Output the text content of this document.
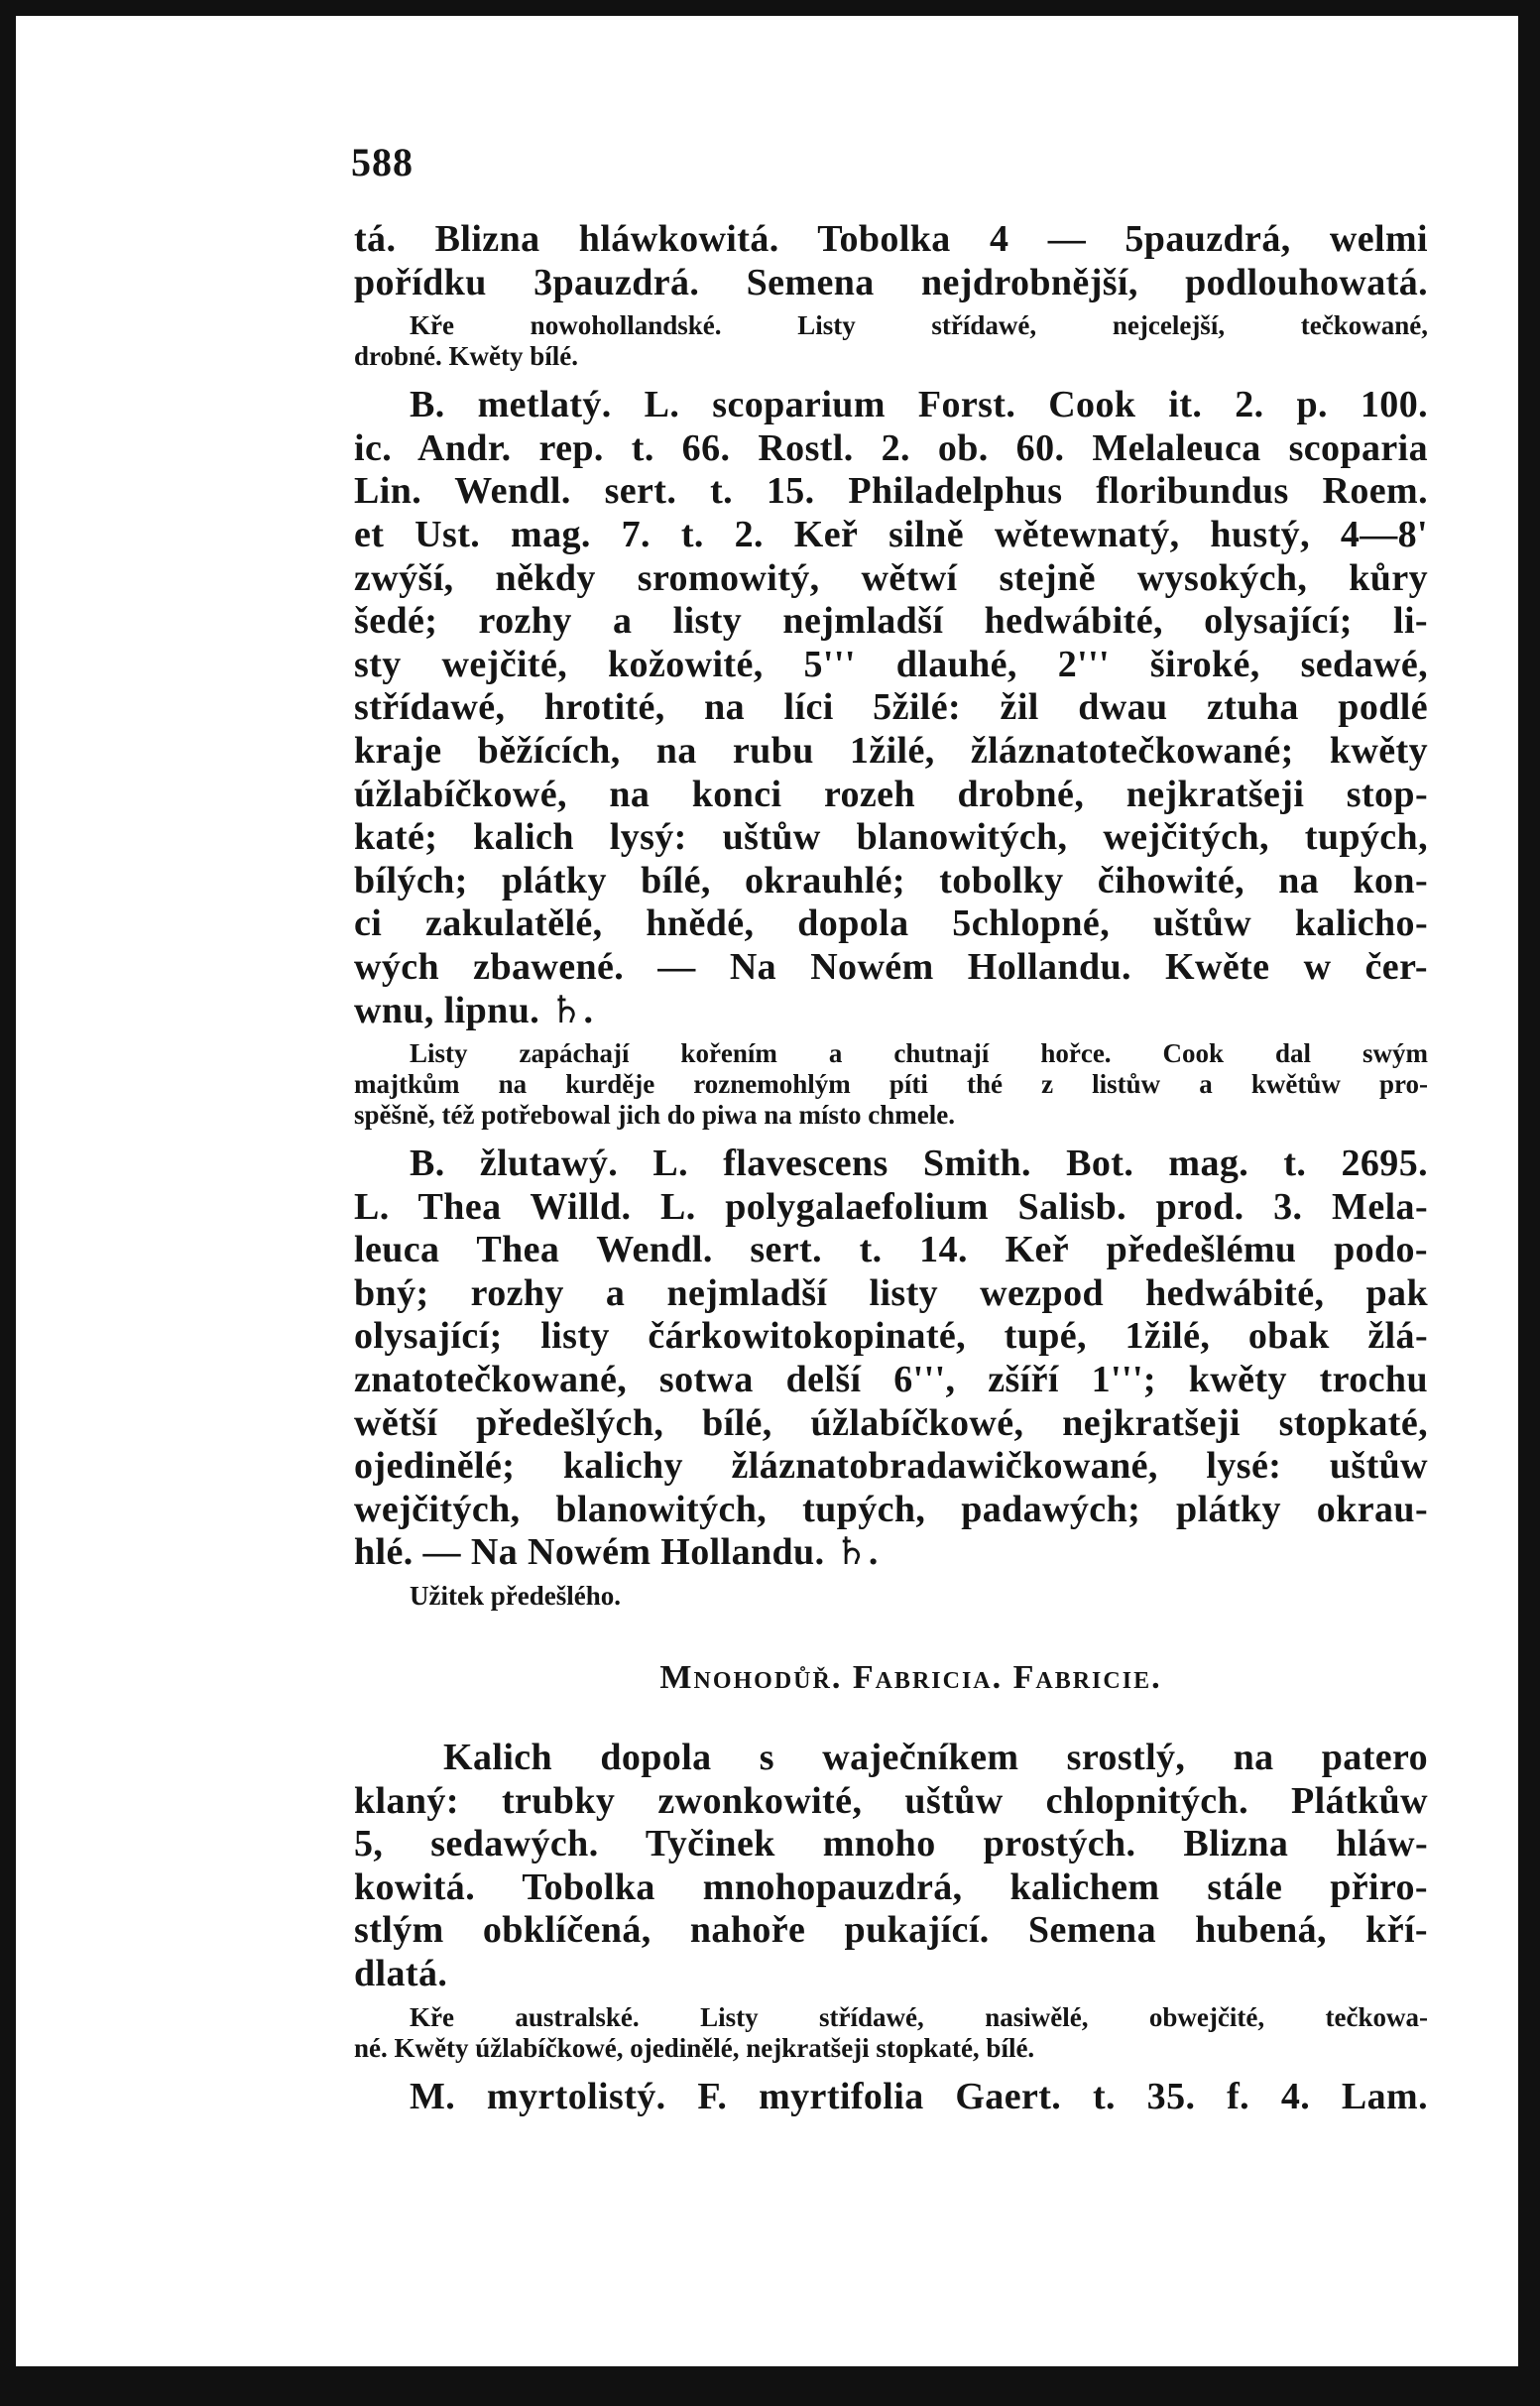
588
tá. Blizna hláwkowitá. Tobolka 4 — 5pauzdrá, welmi
pořídku 3pauzdrá. Semena nejdrobnější, podlouhowatá.
Kře nowohollandské. Listy střídawé, nejcelejší, tečkowané,
drobné. Kwěty bílé.
B. metlatý. L. scoparium Forst. Cook it. 2. p. 100.
ic. Andr. rep. t. 66. Rostl. 2. ob. 60. Melaleuca scoparia
Lin. Wendl. sert. t. 15. Philadelphus floribundus Roem.
et Ust. mag. 7. t. 2. Keř silně wětewnatý, hustý, 4—8'
zwýší, někdy sromowitý, wětwí stejně wysokých, kůry
šedé; rozhy a listy nejmladší hedwábité, olysající; li-
sty wejčité, kožowité, 5''' dlauhé, 2''' široké, sedawé,
střídawé, hrotité, na líci 5žilé: žil dwau ztuha podlé
kraje běžících, na rubu 1žilé, žláznatotečkowané; kwěty
úžlabíčkowé, na konci rozeh drobné, nejkratšeji stop-
katé; kalich lysý: uštůw blanowitých, wejčitých, tupých,
bílých; plátky bílé, okrauhlé; tobolky čihowité, na kon-
ci zakulatělé, hnědé, dopola 5chlopné, uštůw kalicho-
wých zbawené. — Na Nowém Hollandu. Kwěte w čer-
wnu, lipnu. ♄.
Listy zapáchají kořením a chutnají hořce. Cook dal swým
majtkům na kurděje roznemohlým píti thé z listůw a kwětůw pro-
spěšně, též potřebowal jich do piwa na místo chmele.
B. žlutawý. L. flavescens Smith. Bot. mag. t. 2695.
L. Thea Willd. L. polygalaefolium Salisb. prod. 3. Mela-
leuca Thea Wendl. sert. t. 14. Keř předešlému podo-
bný; rozhy a nejmladší listy wezpod hedwábité, pak
olysající; listy čárkowitokopinaté, tupé, 1žilé, obak žlá-
znatotečkowané, sotwa delší 6''', zšíří 1'''; kwěty trochu
wětší předešlých, bílé, úžlabíčkowé, nejkratšeji stopkaté,
ojedinělé; kalichy žláznatobradawičkowané, lysé: uštůw
wejčitých, blanowitých, tupých, padawých; plátky okrau-
hlé. — Na Nowém Hollandu. ♄.
Užitek předešlého.
Mnohodůř. Fabricia. Fabricie.
Kalich dopola s waječníkem srostlý, na patero
klaný: trubky zwonkowité, uštůw chlopnitých. Plátkůw
5, sedawých. Tyčinek mnoho prostých. Blizna hláw-
kowitá. Tobolka mnohopauzdrá, kalichem stále přiro-
stlým obklíčená, nahoře pukající. Semena hubená, kří-
dlatá.
Kře australské. Listy střídawé, nasiwělé, obwejčité, tečkowa-
né. Kwěty úžlabíčkowé, ojedinělé, nejkratšeji stopkaté, bílé.
M. myrtolistý. F. myrtifolia Gaert. t. 35. f. 4. Lam.
